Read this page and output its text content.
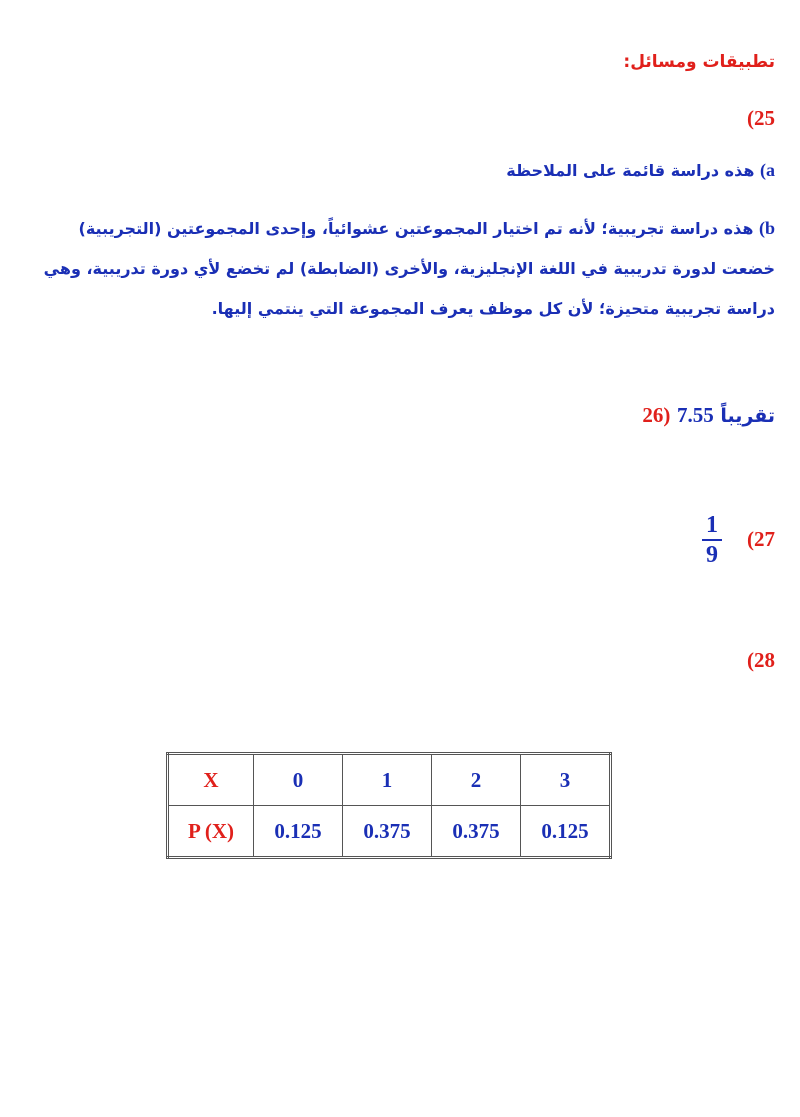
تطبيقات ومسائل:
(25
a) هذه دراسة قائمة على الملاحظة
b) هذه دراسة تجريبية؛ لأنه تم اختيار المجموعتين عشوائياً، وإحدى المجموعتين (التجريبية) خضعت لدورة تدريبية في اللغة الإنجليزية، والأخرى (الضابطة) لم تخضع لأي دورة تدريبية، وهي دراسة تجريبية متحيزة؛ لأن كل موظف يعرف المجموعة التي ينتمي إليها.
26) 7.55 تقريباً
(27
1
9
(28
X	0	1	2	3
P (X)	0.125	0.375	0.375	0.125
